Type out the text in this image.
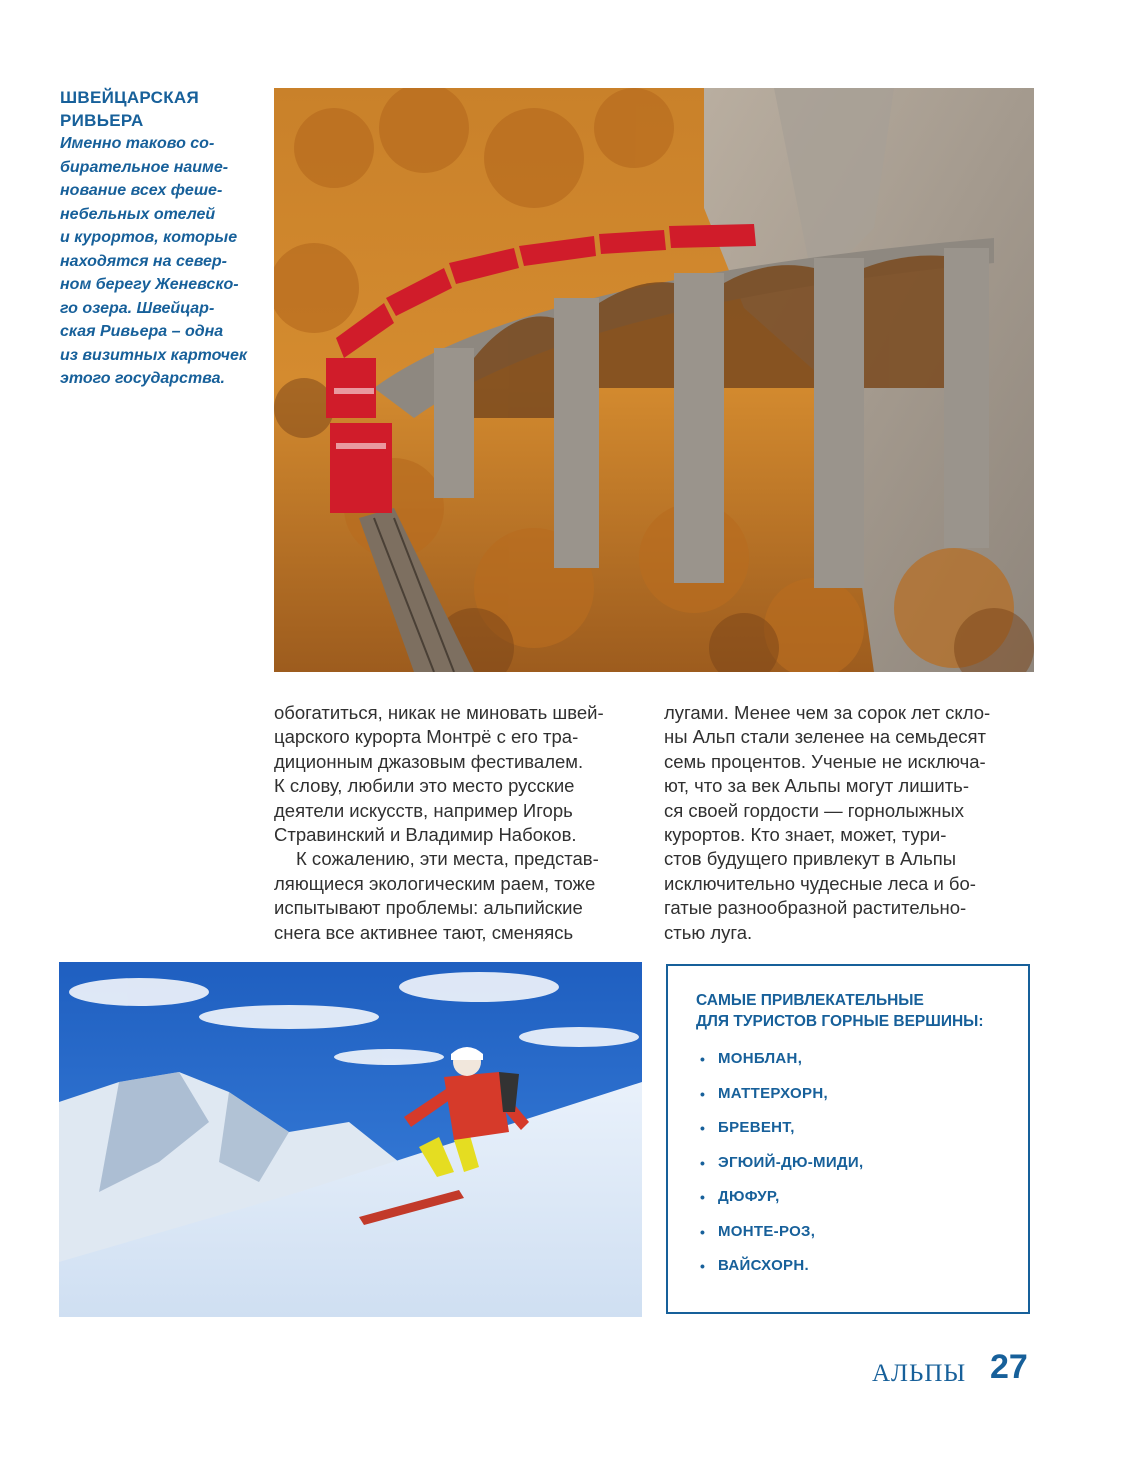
ШВЕЙЦАРСКАЯ
РИВЬЕРА
Именно таково со-
бирательное наиме-
нование всех феше-
небельных отелей
и курортов, которые
находятся на север-
ном берегу Женевско-
го озера. Швейцар-
ская Ривьера – одна
из визитных карточек
этого государства.
обогатиться, никак не миновать швей-
царского курорта Монтрё с его тра-
диционным джазовым фестивалем.
К слову, любили это место русские
деятели искусств, например Игорь
Стравинский и Владимир Набоков.

К сожалению, эти места, представ-
ляющиеся экологическим раем, тоже
испытывают проблемы: альпийские
снега все активнее тают, сменяясь
лугами. Менее чем за сорок лет скло-
ны Альп стали зеленее на семьдесят
семь процентов. Ученые не исключа-
ют, что за век Альпы могут лишить-
ся своей гордости — горнолыжных
курортов. Кто знает, может, тури-
стов будущего привлекут в Альпы
исключительно чудесные леса и бо-
гатые разнообразной растительно-
стью луга.
САМЫЕ ПРИВЛЕКАТЕЛЬНЫЕ
ДЛЯ ТУРИСТОВ ГОРНЫЕ ВЕРШИНЫ:
• МОНБЛАН,
• МАТТЕРХОРН,
• БРЕВЕНТ,
• ЭГЮИЙ-ДЮ-МИДИ,
• ДЮФУР,
• МОНТЕ-РОЗ,
• ВАЙСХОРН.
АЛЬПЫ 27
